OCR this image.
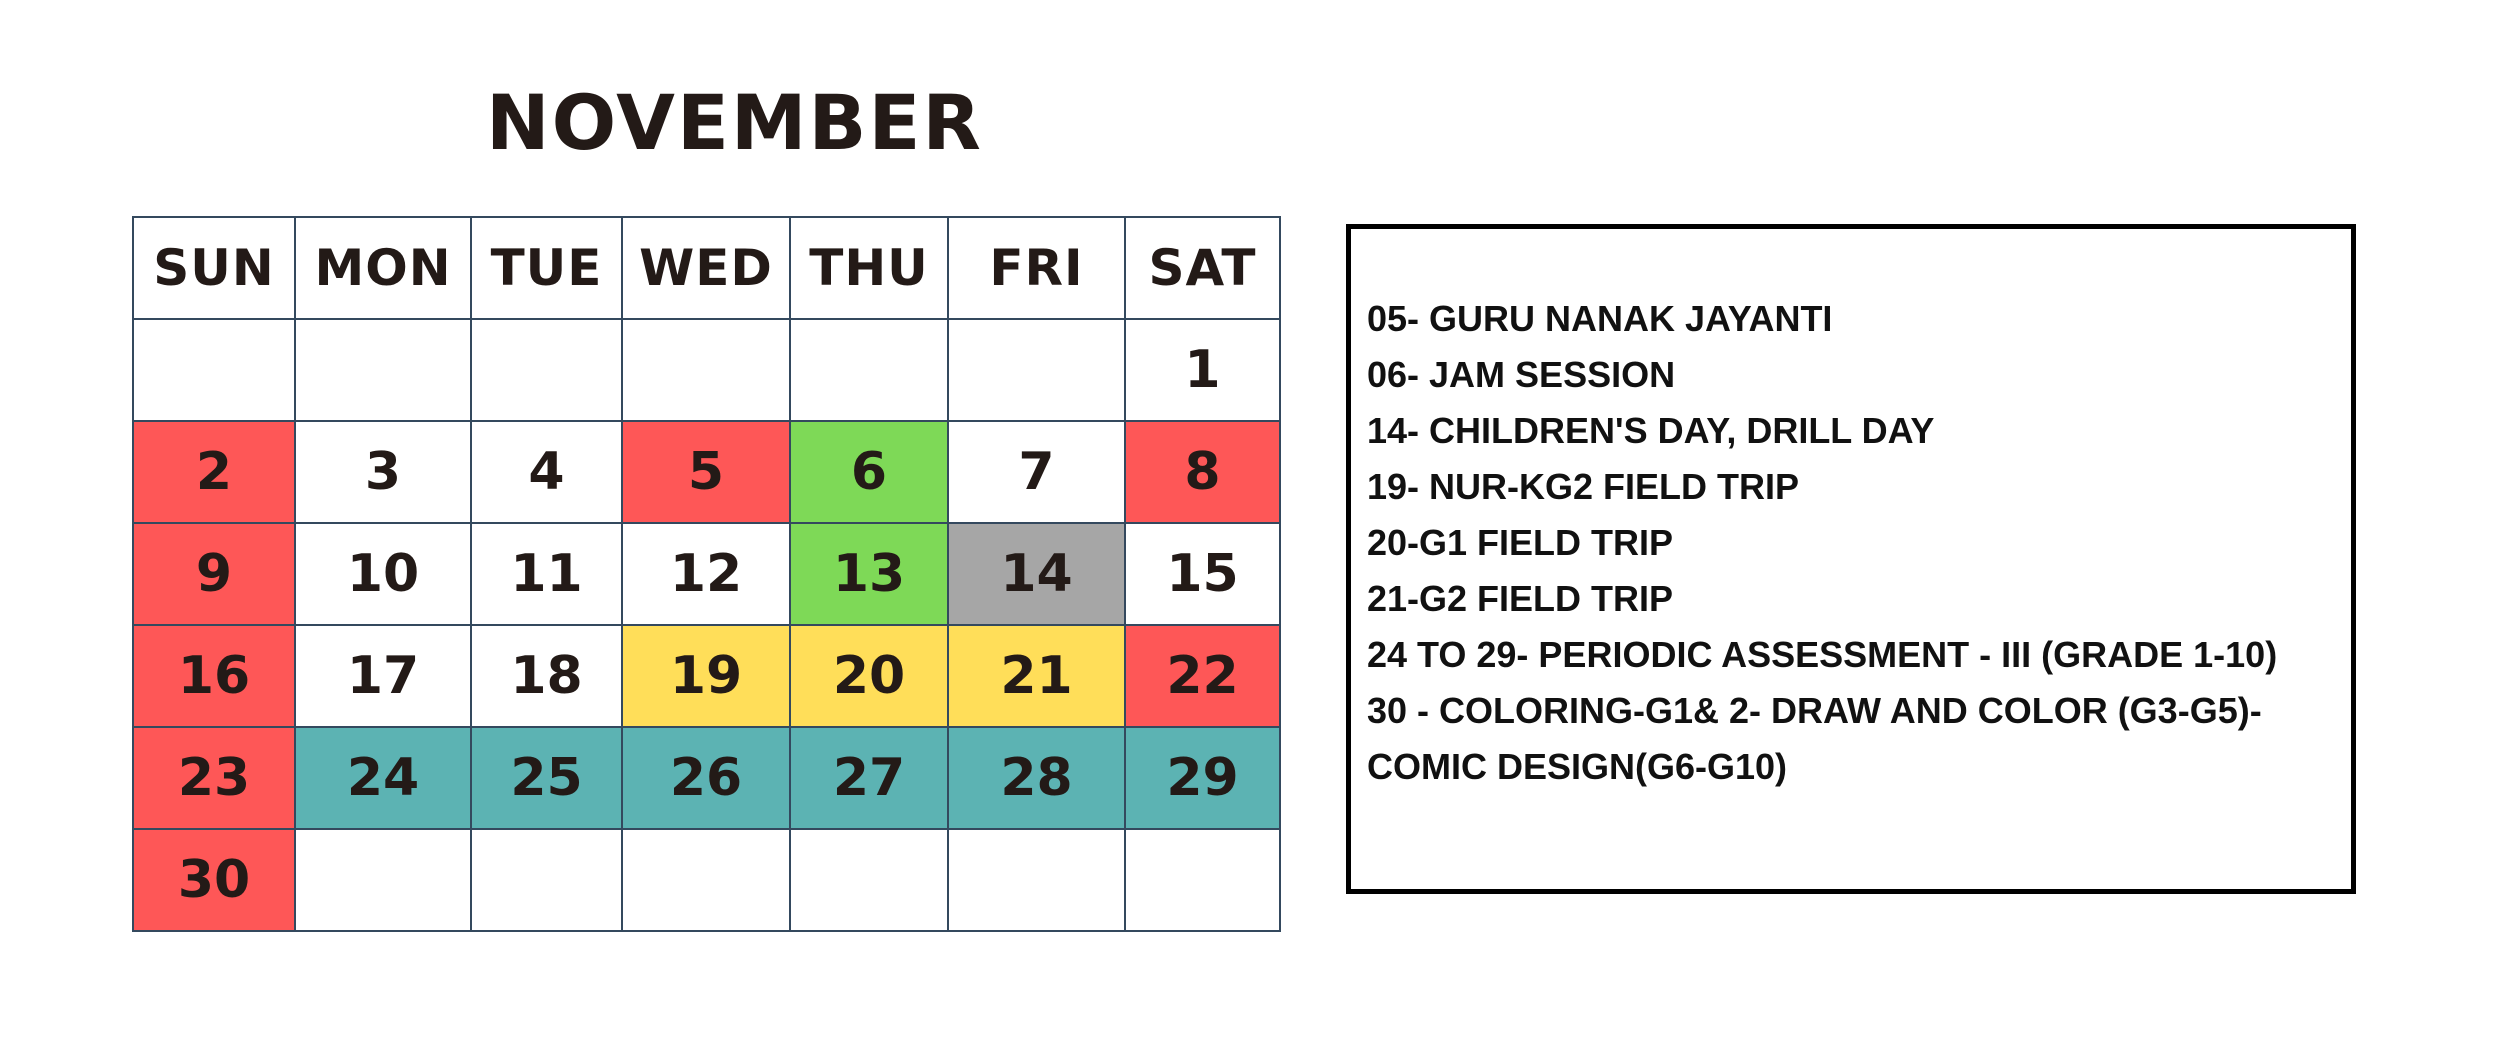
NOVEMBER
SUN	MON	TUE	WED	THU	FRI	SAT
						1
2	3	4	5	6	7	8
9	10	11	12	13	14	15
16	17	18	19	20	21	22
23	24	25	26	27	28	29
30						
05- GURU NANAK JAYANTI
06- JAM SESSION
14- CHILDREN'S DAY, DRILL DAY
19- NUR-KG2 FIELD TRIP
20-G1 FIELD TRIP
21-G2 FIELD TRIP
24 TO 29- PERIODIC ASSESSMENT - III (GRADE 1-10)
30 - COLORING-G1& 2- DRAW AND COLOR (G3-G5)-
COMIC DESIGN(G6-G10)
